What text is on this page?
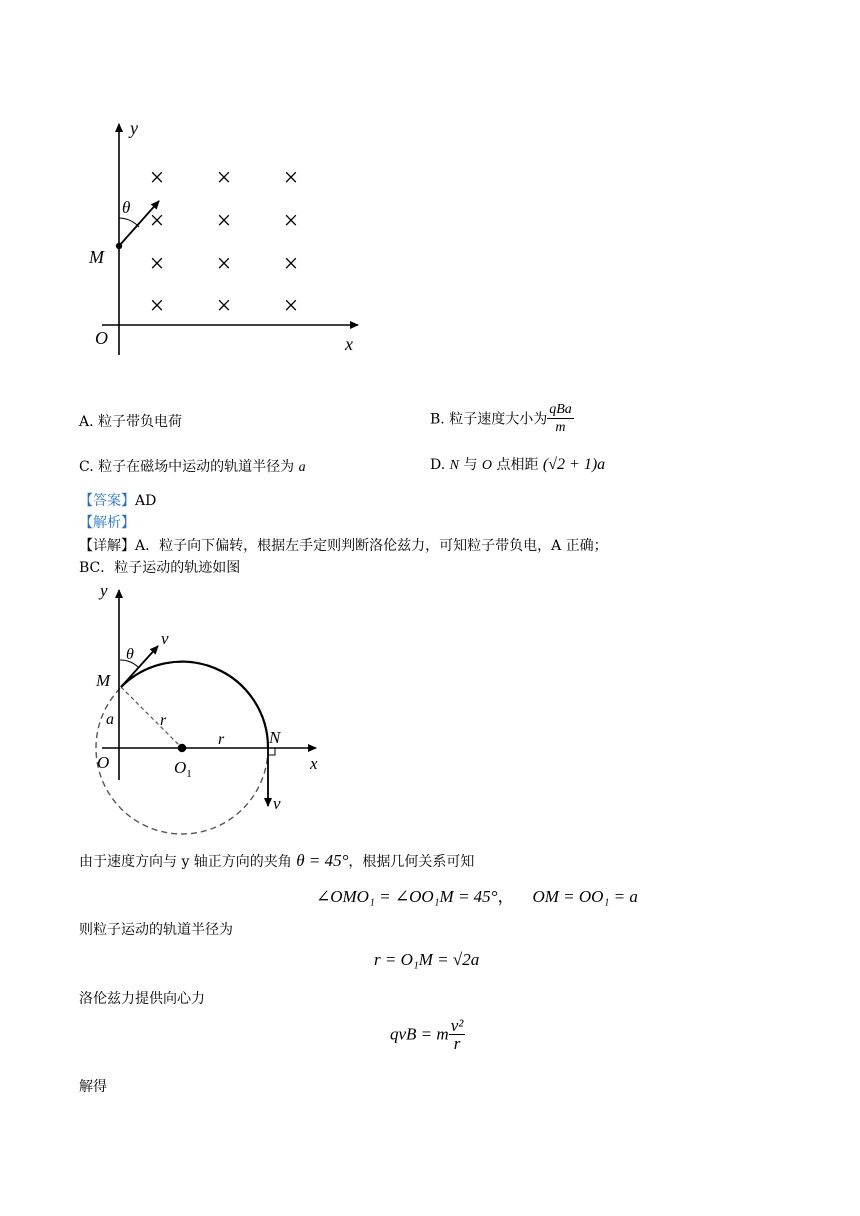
y
x
O
M
θ
× × ×
× × ×
× × ×
× × ×
A. 粒子带负电荷	B. 粒子速度大小为 $\frac{\text{qBa}}{m}$
C. 粒子在磁场中运动的轨道半径为 a	D. N 与 O 点相距 (√2 + 1)a
【答案】AD
【解析】
【详解】A．粒子向下偏转，根据左手定则判断洛伦兹力，可知粒子带负电，A 正确；
BC．粒子运动的轨迹如图
y
x
O
M
r
r
a
$O_1$
N
v
θ
v
由于速度方向与 y 轴正方向的夹角 θ = 45°，根据几何关系可知
∠OMO₁ = ∠OO₁M = 45°， OM = OO₁ = a
则粒子运动的轨道半径为
r = O₁M = √2a
洛伦兹力提供向心力
qvB = m $\frac{\text{v²}}{r}$
解得
